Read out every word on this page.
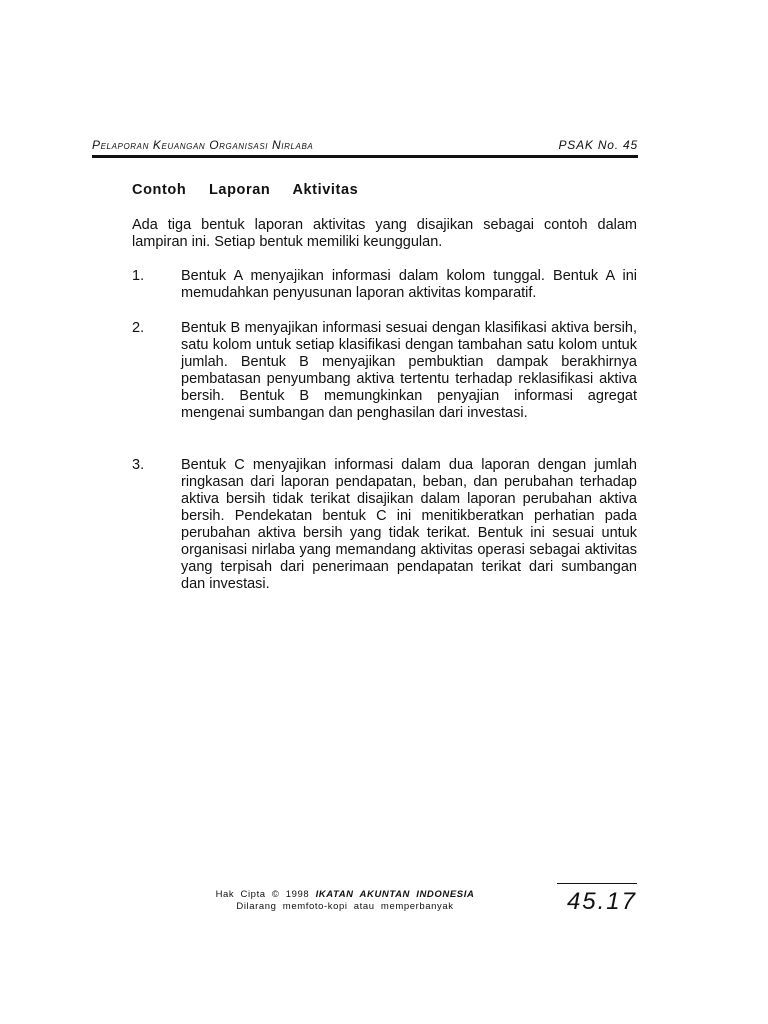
Pelaporan Keuangan Organisasi Nirlaba	PSAK No. 45
Contoh Laporan Aktivitas
Ada tiga bentuk laporan aktivitas yang disajikan sebagai contoh dalam lampiran ini. Setiap bentuk memiliki keunggulan.
1.	Bentuk A menyajikan informasi dalam kolom tunggal. Bentuk A ini memudahkan penyusunan laporan aktivitas komparatif.
2.	Bentuk B menyajikan informasi sesuai dengan klasifikasi aktiva bersih, satu kolom untuk setiap klasifikasi dengan tambahan satu kolom untuk jumlah. Bentuk B menyajikan pembuktian dampak berakhirnya pembatasan penyumbang aktiva tertentu terhadap reklasifikasi aktiva bersih. Bentuk B memungkinkan penyajian informasi agregat mengenai sumbangan dan penghasilan dari investasi.
3.	Bentuk C menyajikan informasi dalam dua laporan dengan jumlah ringkasan dari laporan pendapatan, beban, dan perubahan terhadap aktiva bersih tidak terikat disajikan dalam laporan perubahan aktiva bersih. Pendekatan bentuk C ini menitikberatkan perhatian pada perubahan aktiva bersih yang tidak terikat. Bentuk ini sesuai untuk organisasi nirlaba yang memandang aktivitas operasi sebagai aktivitas yang terpisah dari penerimaan pendapatan terikat dari sumbangan dan investasi.
Hak Cipta © 1998 IKATAN AKUNTAN INDONESIA
Dilarang memfoto-kopi atau memperbanyak	45.17
